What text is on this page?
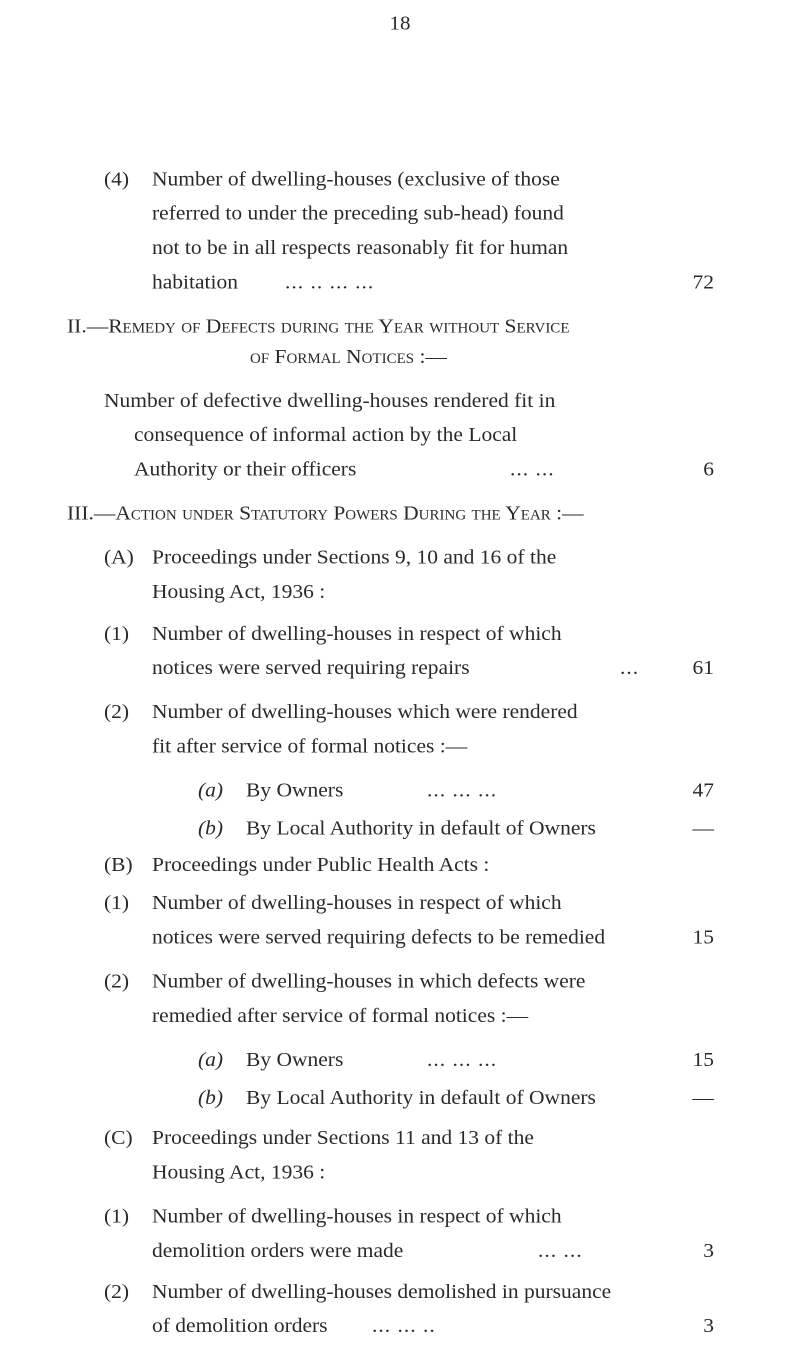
18
(4) Number of dwelling-houses (exclusive of those
referred to under the preceding sub-head) found
not to be in all respects reasonably fit for human
habitation ... .. ... ...	72
II.—Remedy of Defects during the Year without Service
of Formal Notices :—
Number of defective dwelling-houses rendered fit in
consequence of informal action by the Local
Authority or their officers	... ...	6
III.—Action under Statutory Powers During the Year :—
(A) Proceedings under Sections 9, 10 and 16 of the
Housing Act, 1936 :
(1) Number of dwelling-houses in respect of which
notices were served requiring repairs	... 61
(2) Number of dwelling-houses which were rendered
fit after service of formal notices :—
(a) By Owners	... ... ...	47
(b) By Local Authority in default of Owners	—
(B) Proceedings under Public Health Acts :
(1) Number of dwelling-houses in respect of which
notices were served requiring defects to be remedied	15
(2) Number of dwelling-houses in which defects were
remedied after service of formal notices :—
(a) By Owners	... ... ...	15
(b) By Local Authority in default of Owners	—
(C) Proceedings under Sections 11 and 13 of the
Housing Act, 1936 :
(1) Number of dwelling-houses in respect of which
demolition orders were made	... ...	3
(2) Number of dwelling-houses demolished in pursuance
of demolition orders ... ... ..	3
